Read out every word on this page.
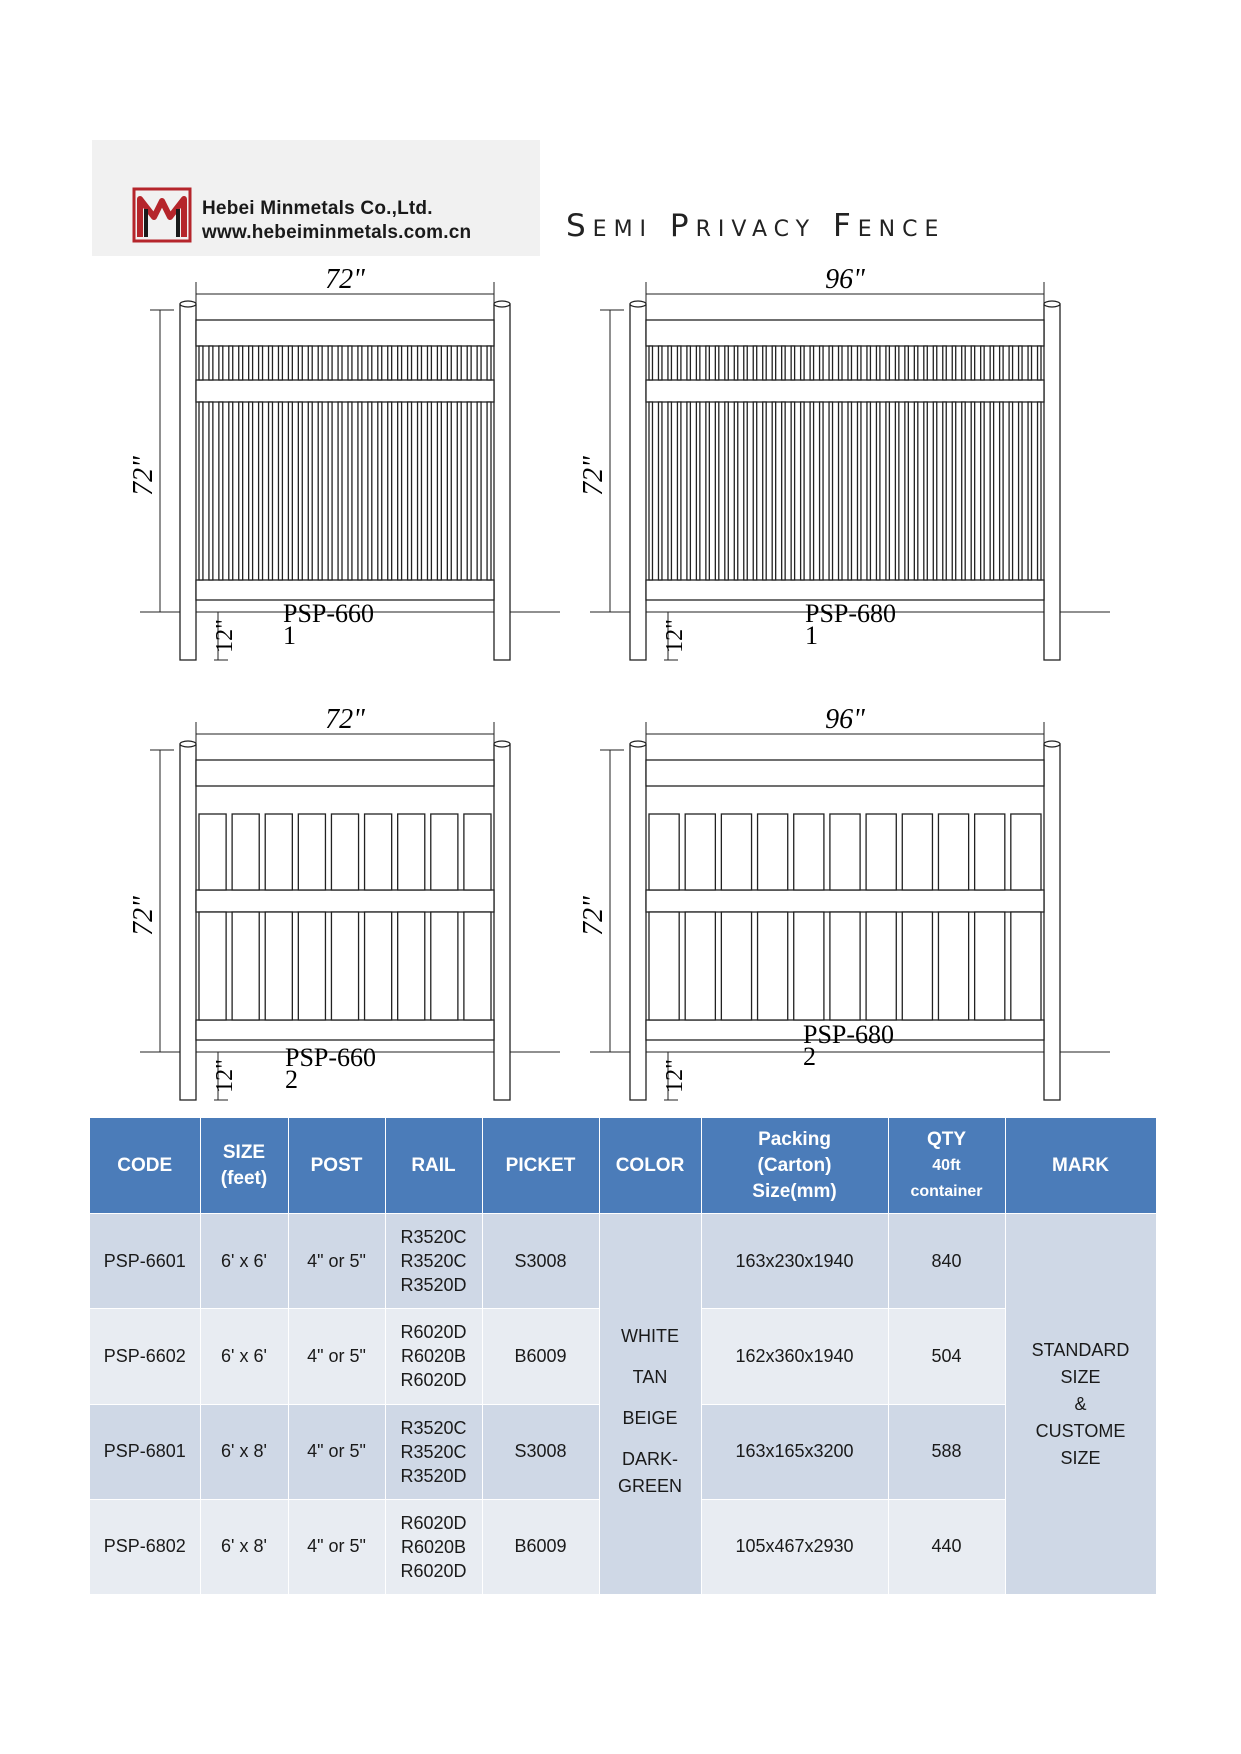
Hebei Minmetals Co.,Ltd.
www.hebeiminmetals.com.cn	Semi Privacy Fence
72"
72"
12"
PSP-660
1
96"
72"
12"
PSP-680
1
72"
72"
12"
PSP-660
2
96"
72"
12"
PSP-680
2
CODE	SIZE
(feet)	POST	RAIL	PICKET	COLOR	Packing
(Carton)
Size(mm)	QTY
40ft
container	MARK
PSP-6601	6' x 6'	4" or 5"	R3520C
R3520C
R3520D	S3008	WHITE
TAN
BEIGE
DARK-
GREEN	163x230x1940	840	STANDARD
SIZE
&
CUSTOME
SIZE

PSP-6602	6' x 6'	4" or 5"	R6020D
R6020B
R6020D	B6009		162x360x1940	504	
PSP-6801	6' x 8'	4" or 5"	R3520C
R3520C
R3520D	S3008		163x165x3200	588	
PSP-6802	6' x 8'	4" or 5"	R6020D
R6020B
R6020D	B6009		105x467x2930	440	
